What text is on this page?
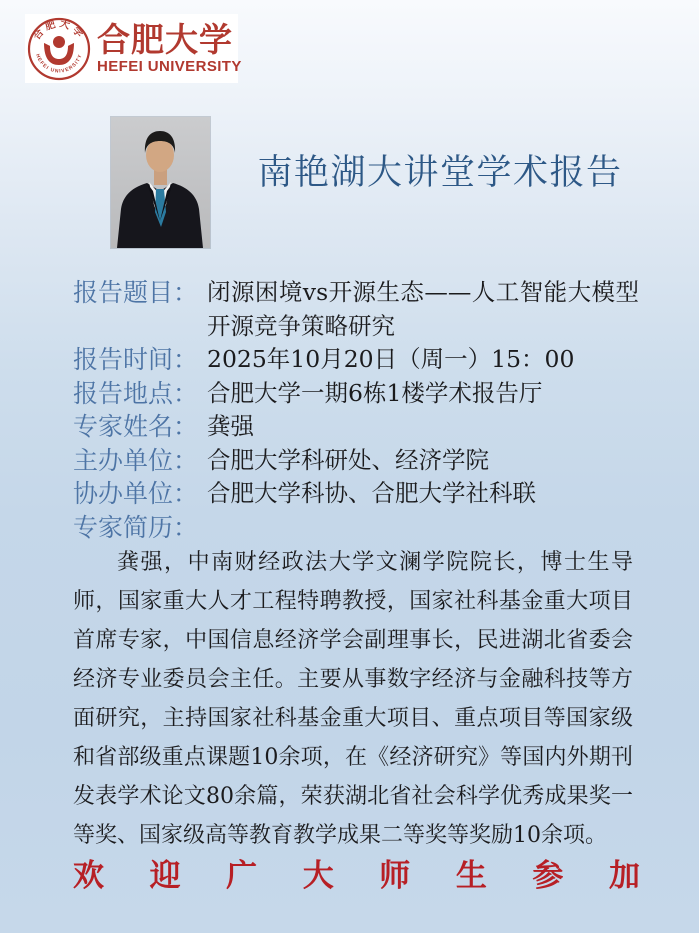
合肥大学
HEFEI UNIVERSITY 合肥大学
HEFEI UNIVERSITY
南艳湖大讲堂学术报告
报告题目： 闭源困境vs开源生态——人工智能大模型开源竞争策略研究
报告时间： 2025年10月20日（周一）15：00
报告地点： 合肥大学一期6栋1楼学术报告厅
专家姓名： 龚强
主办单位： 合肥大学科研处、经济学院
协办单位： 合肥大学科协、合肥大学社科联
专家简历：

龚强，中南财经政法大学文澜学院院长，博士生导师，国家重大人才工程特聘教授，国家社科基金重大项目首席专家，中国信息经济学会副理事长，民进湖北省委会经济专业委员会主任。主要从事数字经济与金融科技等方面研究，主持国家社科基金重大项目、重点项目等国家级和省部级重点课题10余项，在《经济研究》等国内外期刊发表学术论文80余篇，荣获湖北省社会科学优秀成果奖一等奖、国家级高等教育教学成果二等奖等奖励10余项。

欢迎广大师生参加
